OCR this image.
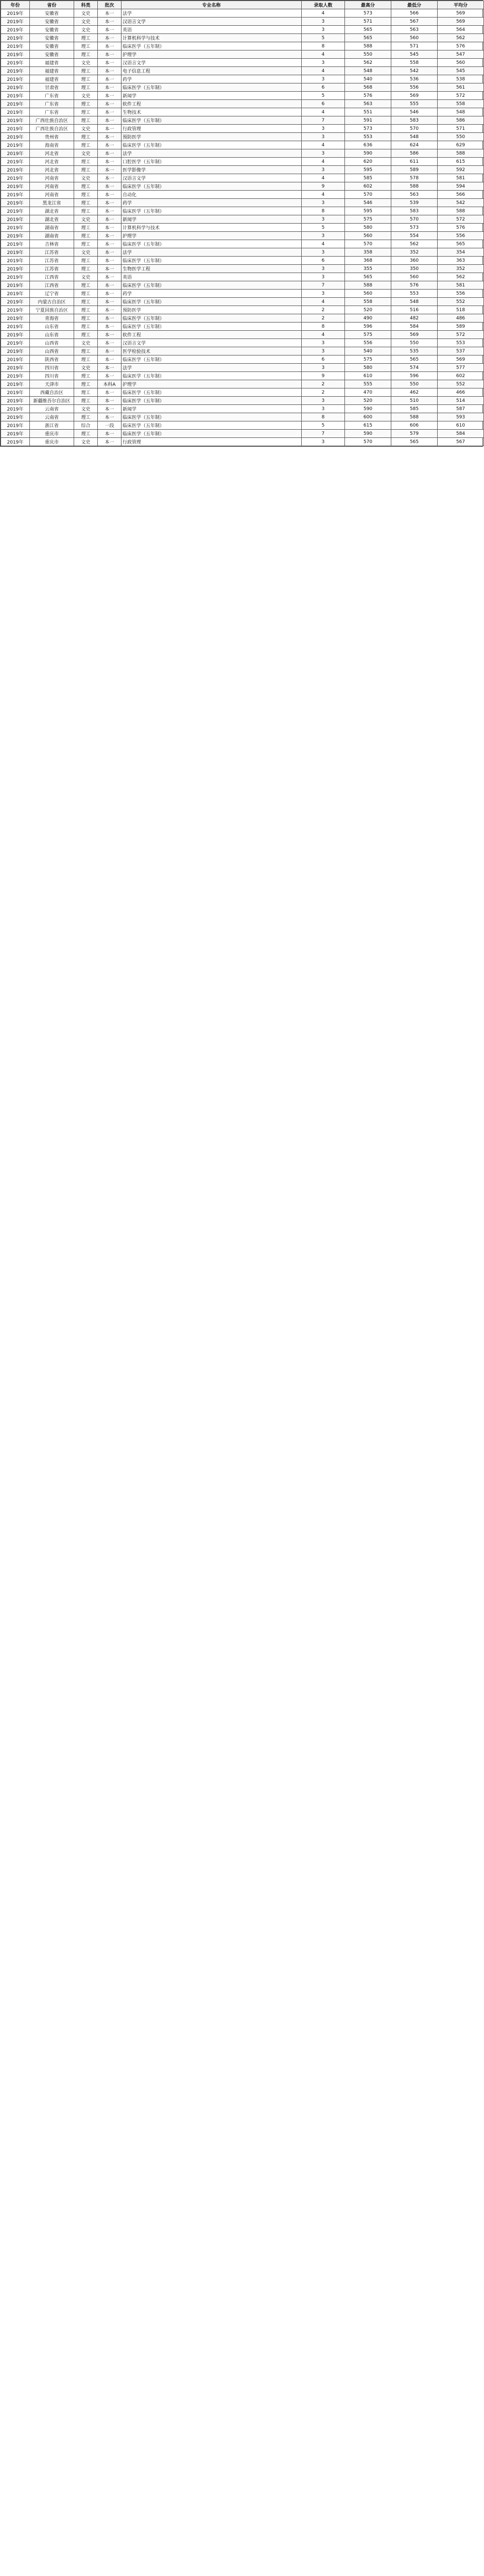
年份	省份	科类	批次	专业名称	录取人数	最高分	最低分	平均分
2019年	安徽省	文史	本一	法学	4	573	566	569
2019年	安徽省	文史	本一	汉语言文学	3	571	567	569
2019年	安徽省	文史	本一	英语	3	565	563	564
2019年	安徽省	理工	本一	计算机科学与技术	5	565	560	562
2019年	安徽省	理工	本一	临床医学（五年制）	8	588	571	576
2019年	安徽省	理工	本一	护理学	4	550	545	547
2019年	福建省	文史	本一	汉语言文学	3	562	558	560
2019年	福建省	理工	本一	电子信息工程	4	548	542	545
2019年	福建省	理工	本一	药学	3	540	536	538
2019年	甘肃省	理工	本一	临床医学（五年制）	6	568	556	561
2019年	广东省	文史	本一	新闻学	5	576	569	572
2019年	广东省	理工	本一	软件工程	6	563	555	558
2019年	广东省	理工	本一	生物技术	4	551	546	548
2019年	广西壮族自治区	理工	本一	临床医学（五年制）	7	591	583	586
2019年	广西壮族自治区	文史	本一	行政管理	3	573	570	571
2019年	贵州省	理工	本一	预防医学	3	553	548	550
2019年	海南省	理工	本一	临床医学（五年制）	4	636	624	629
2019年	河北省	文史	本一	法学	3	590	586	588
2019年	河北省	理工	本一	口腔医学（五年制）	4	620	611	615
2019年	河北省	理工	本一	医学影像学	3	595	589	592
2019年	河南省	文史	本一	汉语言文学	4	585	578	581
2019年	河南省	理工	本一	临床医学（五年制）	9	602	588	594
2019年	河南省	理工	本一	自动化	4	570	563	566
2019年	黑龙江省	理工	本一	药学	3	546	539	542
2019年	湖北省	理工	本一	临床医学（五年制）	8	595	583	588
2019年	湖北省	文史	本一	新闻学	3	575	570	572
2019年	湖南省	理工	本一	计算机科学与技术	5	580	573	576
2019年	湖南省	理工	本一	护理学	3	560	554	556
2019年	吉林省	理工	本一	临床医学（五年制）	4	570	562	565
2019年	江苏省	文史	本一	法学	3	358	352	354
2019年	江苏省	理工	本一	临床医学（五年制）	6	368	360	363
2019年	江苏省	理工	本一	生物医学工程	3	355	350	352
2019年	江西省	文史	本一	英语	3	565	560	562
2019年	江西省	理工	本一	临床医学（五年制）	7	588	576	581
2019年	辽宁省	理工	本一	药学	3	560	553	556
2019年	内蒙古自治区	理工	本一	临床医学（五年制）	4	558	548	552
2019年	宁夏回族自治区	理工	本一	预防医学	2	520	516	518
2019年	青海省	理工	本一	临床医学（五年制）	2	490	482	486
2019年	山东省	理工	本一	临床医学（五年制）	8	596	584	589
2019年	山东省	理工	本一	软件工程	4	575	569	572
2019年	山西省	文史	本一	汉语言文学	3	556	550	553
2019年	山西省	理工	本一	医学检验技术	3	540	535	537
2019年	陕西省	理工	本一	临床医学（五年制）	6	575	565	569
2019年	四川省	文史	本一	法学	3	580	574	577
2019年	四川省	理工	本一	临床医学（五年制）	9	610	596	602
2019年	天津市	理工	本科A	护理学	2	555	550	552
2019年	西藏自治区	理工	本一	临床医学（五年制）	2	470	462	466
2019年	新疆维吾尔自治区	理工	本一	临床医学（五年制）	3	520	510	514
2019年	云南省	文史	本一	新闻学	3	590	585	587
2019年	云南省	理工	本一	临床医学（五年制）	8	600	588	593
2019年	浙江省	综合	一段	临床医学（五年制）	5	615	606	610
2019年	重庆市	理工	本一	临床医学（五年制）	7	590	579	584
2019年	重庆市	文史	本一	行政管理	3	570	565	567
